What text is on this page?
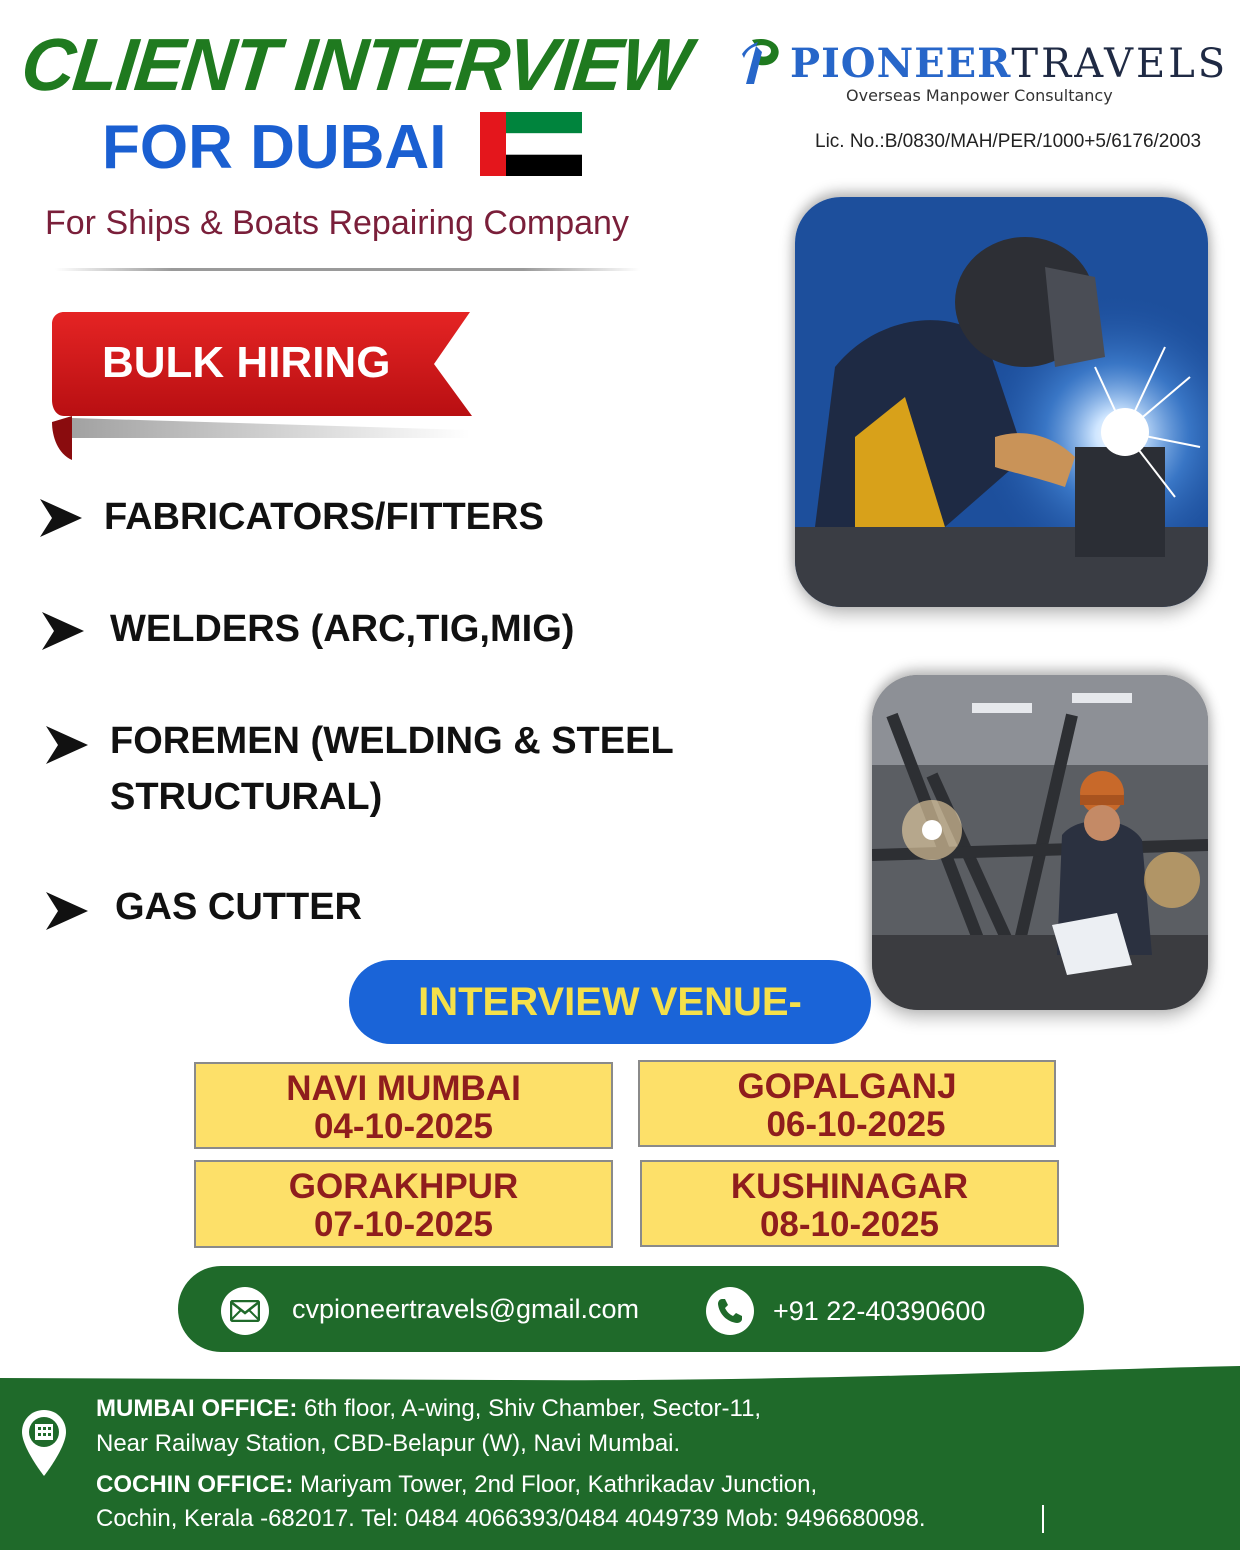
CLIENT INTERVIEW
FOR DUBAI
For Ships & Boats Repairing Company
PIONEERTRAVELS
Overseas Manpower Consultancy
Lic. No.:B/0830/MAH/PER/1000+5/6176/2003
BULK HIRING
FABRICATORS/FITTERS
WELDERS (ARC,TIG,MIG)
FOREMEN (WELDING & STEEL
STRUCTURAL)
GAS CUTTER
INTERVIEW VENUE-
NAVI MUMBAI
04-10-2025
GOPALGANJ
06-10-2025
GORAKHPUR
07-10-2025
KUSHINAGAR
08-10-2025
cvpioneertravels@gmail.com	+91 22-40390600
MUMBAI OFFICE: 6th floor, A-wing, Shiv Chamber, Sector-11,
Near Railway Station, CBD-Belapur (W), Navi Mumbai.
COCHIN OFFICE: Mariyam Tower, 2nd Floor, Kathrikadav Junction,
Cochin, Kerala -682017. Tel: 0484 4066393/0484 4049739 Mob: 9496680098.
